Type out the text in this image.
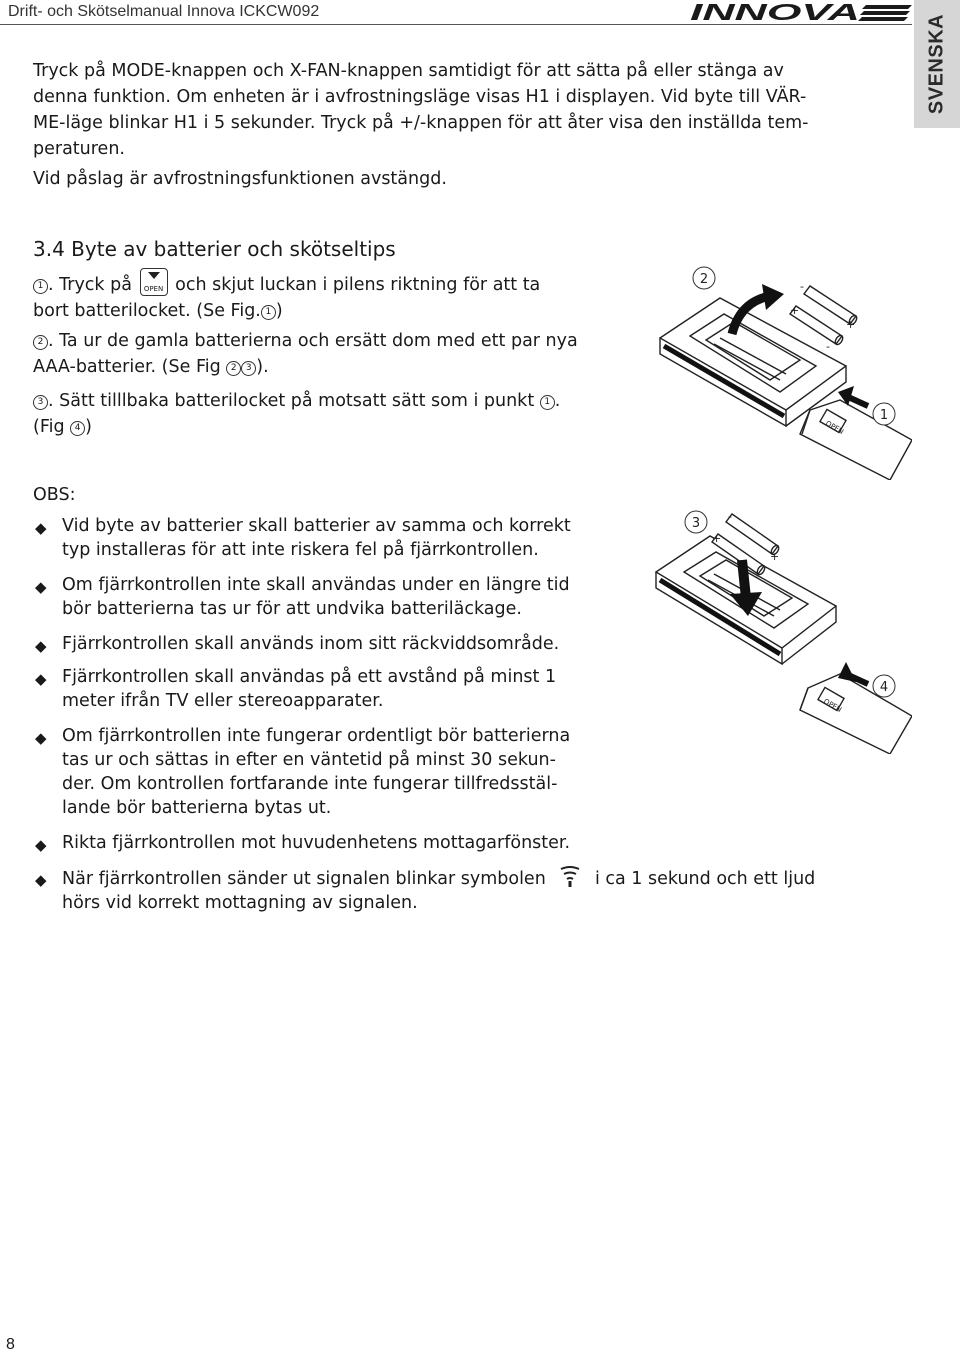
Drift- och Skötselmanual Innova ICKCW092	INNOVA
SVENSKA
Tryck på MODE-knappen och X-FAN-knappen samtidigt för att sätta på eller stänga av
denna funktion. Om enheten är i avfrostningsläge visas H1 i displayen. Vid byte till VÄR-
ME-läge blinkar H1 i 5 sekunder. Tryck på +/-knappen för att åter visa den inställda tem-
peraturen.
Vid påslag är avfrostningsfunktionen avstängd.
3.4 Byte av batterier och skötseltips
1 . Tryck på	OPEN och skjut luckan i pilens riktning för att ta
bort batterilocket. (Se Fig. 1 )
2 . Ta ur de gamla batterierna och ersätt dom med ett par nya
AAA-batterier. (Se Fig 2 3 ).
3 . Sätt tilllbaka batterilocket på motsatt sätt som i punkt 1 .
(Fig 4 )
OBS:
◆ Vid byte av batterier skall batterier av samma och korrekt
typ installeras för att inte riskera fel på fjärrkontrollen.
◆ Om fjärrkontrollen inte skall användas under en längre tid
bör batterierna tas ur för att undvika batteriläckage.
◆ Fjärrkontrollen skall används inom sitt räckviddsområde.
◆ Fjärrkontrollen skall användas på ett avstånd på minst 1
meter ifrån TV eller stereoapparater.
◆ Om fjärrkontrollen inte fungerar ordentligt bör batterierna
tas ur och sättas in efter en väntetid på minst 30 sekun-
der. Om kontrollen fortfarande inte fungerar tillfredsstäl-
lande bör batterierna bytas ut.
◆ Rikta fjärrkontrollen mot huvudenhetens mottagarfönster.
◆ När fjärrkontrollen sänder ut signalen blinkar symbolen	i ca 1 sekund och ett ljud
hörs vid korrekt mottagning av signalen.
+
+
-
-
OPEN
2
1
+
+
-
-
OPEN
3
4
8
